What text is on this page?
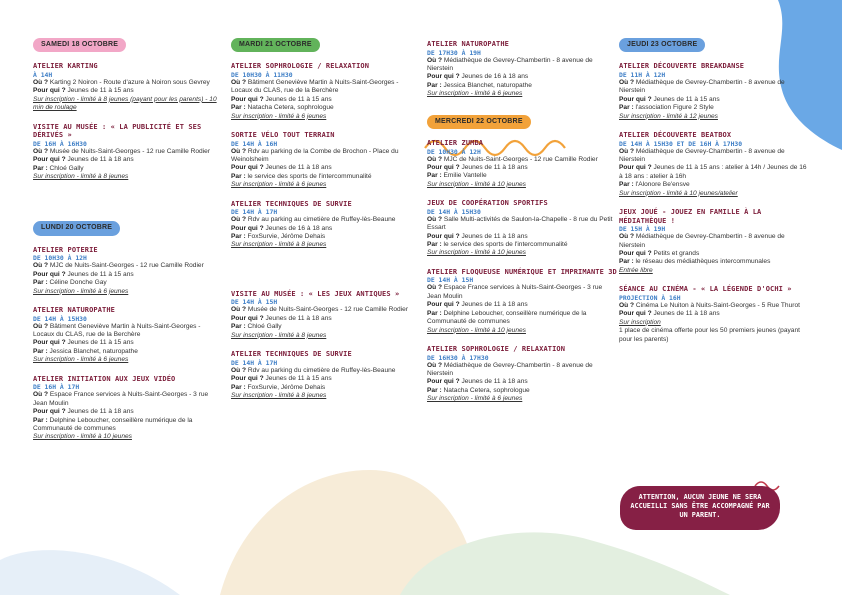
SAMEDI 18 OCTOBRE
ATELIER KARTING
À 14H
Où ? Karting 2 Noiron - Route d'azure à Noiron sous Gevrey
Pour qui ? Jeunes de 11 à 15 ans
Sur inscription - limité à 8 jeunes (payant pour les parents) - 10 min de roulage
VISITE AU MUSÉE : « LA PUBLICITÉ ET SES DÉRIVÉS »
DE 16H À 16H30
Où ? Musée de Nuits-Saint-Georges - 12 rue Camille Rodier
Pour qui ? Jeunes de 11 à 18 ans
Par : Chloé Gally
Sur inscription - limité à 8 jeunes
LUNDI 20 OCTOBRE
ATELIER POTERIE
DE 10H30 À 12H
Où ? MJC de Nuits-Saint-Georges - 12 rue Camille Rodier
Pour qui ? Jeunes de 11 à 15 ans
Par : Céline Donche Gay
Sur inscription - limité à 6 jeunes
ATELIER NATUROPATHE
DE 14H À 15H30
Où ? Bâtiment Geneviève Martin à Nuits-Saint-Georges - Locaux du CLAS, rue de la Berchère
Pour qui ? Jeunes de 11 à 15 ans
Par : Jessica Blanchet, naturopathe
Sur inscription - limité à 6 jeunes
ATELIER INITIATION AUX JEUX VIDÉO
DE 16H À 17H
Où ? Espace France services à Nuits-Saint-Georges - 3 rue Jean Moulin
Pour qui ? Jeunes de 11 à 18 ans
Par : Delphine Leboucher, conseillère numérique de la Communauté de communes
Sur inscription - limité à 10 jeunes
MARDI 21 OCTOBRE
ATELIER SOPHROLOGIE / RELAXATION
DE 10H30 À 11H30
Où ? Bâtiment Geneviève Martin à Nuits-Saint-Georges - Locaux du CLAS, rue de la Berchère
Pour qui ? Jeunes de 11 à 15 ans
Par : Natacha Cetera, sophrologue
Sur inscription - limité à 6 jeunes
SORTIE VÉLO TOUT TERRAIN
DE 14H À 16H
Où ? Rdv au parking de la Combe de Brochon - Place du Weinolsheim
Pour qui ? Jeunes de 11 à 18 ans
Par : le service des sports de l'intercommunalité
Sur inscription - limité à 6 jeunes
ATELIER TECHNIQUES DE SURVIE
DE 14H À 17H
Où ? Rdv au parking au cimetière de Ruffey-lès-Beaune
Pour qui ? Jeunes de 16 à 18 ans
Par : FoxSurvie, Jérôme Dehais
Sur inscription - limité à 8 jeunes
VISITE AU MUSÉE : « LES JEUX ANTIQUES »
DE 14H À 15H
Où ? Musée de Nuits-Saint-Georges - 12 rue Camille Rodier
Pour qui ? Jeunes de 11 à 18 ans
Par : Chloé Gally
Sur inscription - limité à 8 jeunes
ATELIER TECHNIQUES DE SURVIE
DE 14H À 17H
Où ? Rdv au parking du cimetière de Ruffey-lès-Beaune
Pour qui ? Jeunes de 11 à 15 ans
Par : FoxSurvie, Jérôme Dehais
Sur inscription - limité à 8 jeunes
ATELIER NATUROPATHE
DE 17H30 À 19H
Où ? Médiathèque de Gevrey-Chambertin - 8 avenue de Nierstein
Pour qui ? Jeunes de 16 à 18 ans
Par : Jessica Blanchet, naturopathe
Sur inscription - limité à 6 jeunes
MERCREDI 22 OCTOBRE
ATELIER ZUMBA
DE 10H30 À 12H
Où ? MJC de Nuits-Saint-Georges - 12 rue Camille Rodier
Pour qui ? Jeunes de 11 à 18 ans
Par : Emilie Vantelle
Sur inscription - limité à 10 jeunes
JEUX DE COOPÉRATION SPORTIFS
DE 14H À 15H30
Où ? Salle Multi-activités de Saulon-la-Chapelle - 8 rue du Petit Essart
Pour qui ? Jeunes de 11 à 18 ans
Par : le service des sports de l'intercommunalité
Sur inscription - limité à 10 jeunes
ATELIER FLOQUEUSE NUMÉRIQUE ET IMPRIMANTE 3D
DE 14H À 15H
Où ? Espace France services à Nuits-Saint-Georges - 3 rue Jean Moulin
Pour qui ? Jeunes de 11 à 18 ans
Par : Delphine Leboucher, conseillère numérique de la Communauté de communes
Sur inscription - limité à 10 jeunes
ATELIER SOPHROLOGIE / RELAXATION
DE 16H30 À 17H30
Où ? Médiathèque de Gevrey-Chambertin - 8 avenue de Nierstein
Pour qui ? Jeunes de 11 à 18 ans
Par : Natacha Cetera, sophrologue
Sur inscription - limité à 6 jeunes
JEUDI 23 OCTOBRE
ATELIER DÉCOUVERTE BREAKDANSE
DE 11H À 12H
Où ? Médiathèque de Gevrey-Chambertin - 8 avenue de Nierstein
Pour qui ? Jeunes de 11 à 15 ans
Par : l'association Figure 2 Style
Sur inscription - limité à 12 jeunes
ATELIER DÉCOUVERTE BEATBOX
DE 14H À 15H30 ET DE 16H À 17H30
Où ? Médiathèque de Gevrey-Chambertin - 8 avenue de Nierstein
Pour qui ? Jeunes de 11 à 15 ans : atelier à 14h / Jeunes de 16 à 18 ans : atelier à 16h
Par : l'Alonore Be'ensve
Sur inscription - limité à 10 jeunes/atelier
JEUX JOUÉ - JOUEZ EN FAMILLE À LA MÉDIATHÈQUE !
DE 15H À 19H
Où ? Médiathèque de Gevrey-Chambertin - 8 avenue de Nierstein
Pour qui ? Petits et grands
Par : le réseau des médiathèques intercommunales
Entrée libre
SÉANCE AU CINÉMA - « LA LÉGENDE D'OCHI »
PROJECTION À 16H
Où ? Cinéma Le Nuiton à Nuits-Saint-Georges - 5 Rue Thurot
Pour qui ? Jeunes de 11 à 18 ans
Sur inscription
1 place de cinéma offerte pour les 50 premiers jeunes (payant pour les parents)
ATTENTION, AUCUN JEUNE NE SERA ACCUEILLI SANS ÊTRE ACCOMPAGNÉ PAR UN PARENT.
